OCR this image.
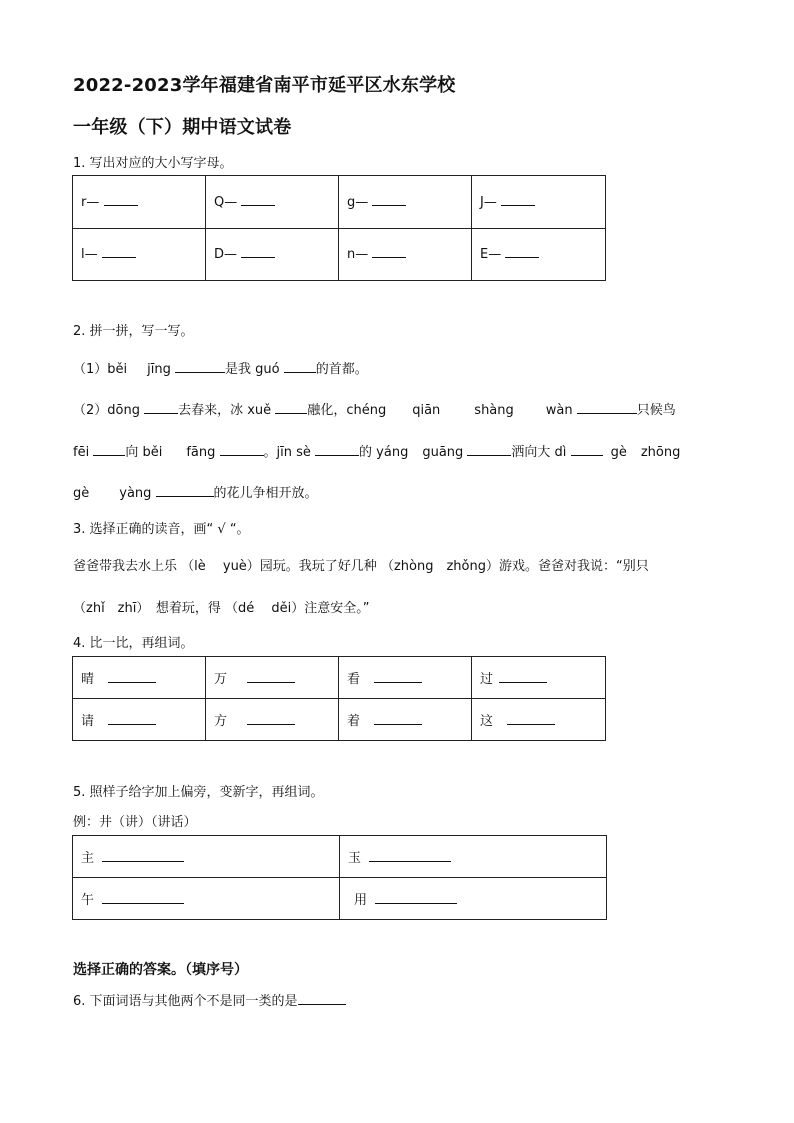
2022-2023学年福建省南平市延平区水东学校
一年级（下）期中语文试卷
1. 写出对应的大小写字母。
r—	Q—	g—	J—
l—	D—	n—	E—
2. 拼一拼，写一写。
（1）běi jīng	是我 guó	的首都。
（2）dōng	去春来，冰 xuě	融化，chéng qiān	shàng wàn	只候鸟
fēi	向 běi fāng	。jīn sè	的 yáng guāng	洒向大 dì	gè zhōng
gè yàng	的花儿争相开放。
3. 选择正确的读音，画“ √ “。
爸爸带我去水上乐 （lè　 yuè）园玩。我玩了好几种 （zhòng　zhǒng）游戏。爸爸对我说：“别只
（zhǐ　zhī）　想着玩，得 （dé　 děi）注意安全。”
4. 比一比，再组词。
晴	万	看	过
请	方	着	这
5. 照样子给字加上偏旁，变新字，再组词。
例：井（讲）（讲话）
主	玉
午	用
选择正确的答案。（填序号）
6. 下面词语与其他两个不是同一类的是
